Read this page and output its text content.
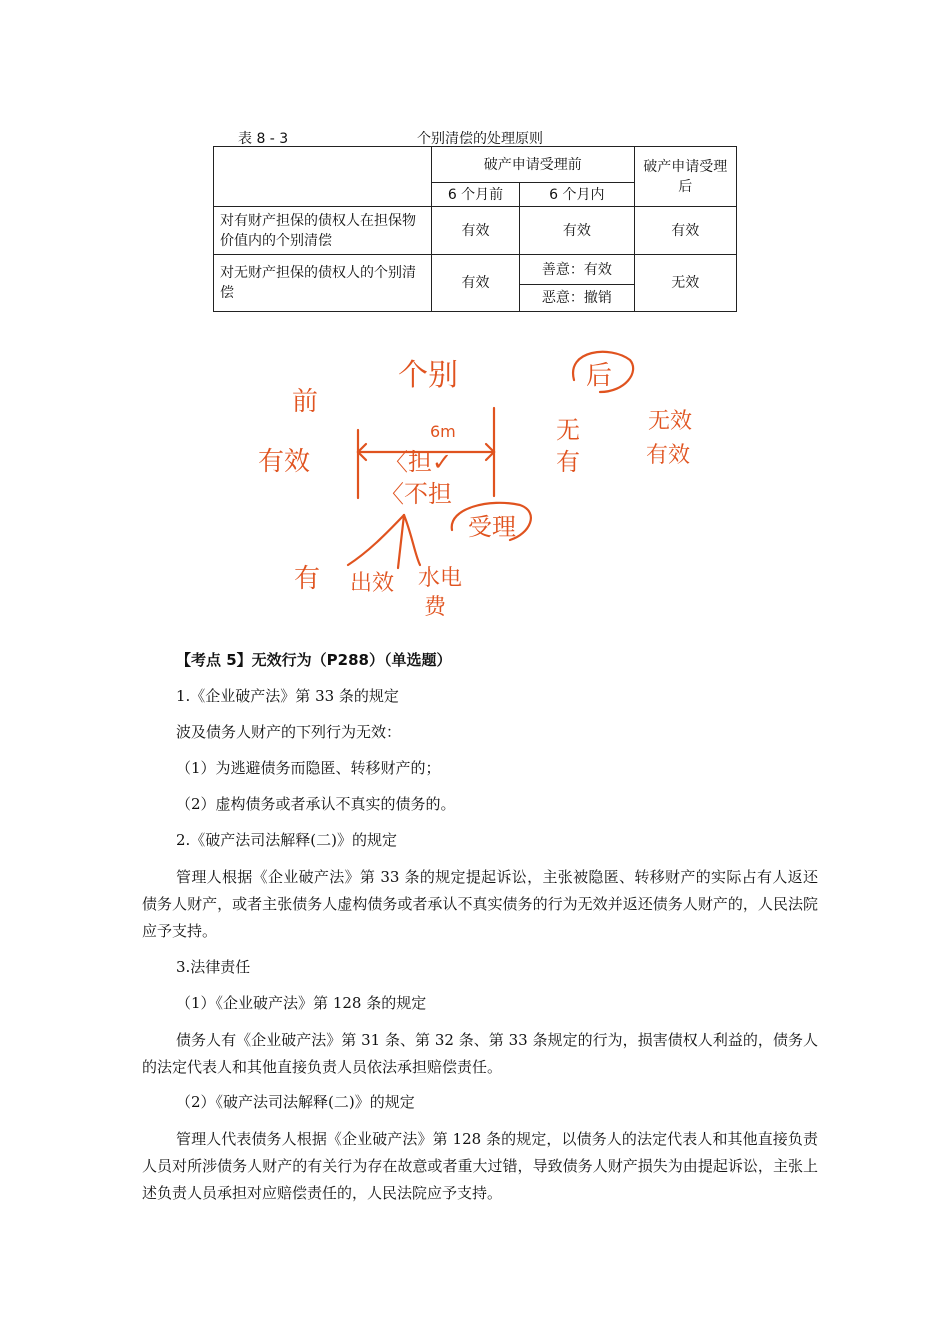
表 8 - 3	个别清偿的处理原则
	破产申请受理前		破产申请受理后
	6 个月前	6 个月内	
对有财产担保的债权人在担保物价值内的个别清偿	有效	有效	有效
对无财产担保的债权人的个别清偿	有效	善意：有效	无效
		恶意：撤销	
前
个别	后
有效
6m	无
有
无效
有效
〈担✓
〈不担
受理
有 出效 水电
费
【考点 5】无效行为（P288）（单选题）
1.《企业破产法》第 33 条的规定
波及债务人财产的下列行为无效：
（1）为逃避债务而隐匿、转移财产的；
（2）虚构债务或者承认不真实的债务的。
2.《破产法司法解释(二)》的规定
管理人根据《企业破产法》第 33 条的规定提起诉讼，主张被隐匿、转移财产的实际占有人返还债务人财产，或者主张债务人虚构债务或者承认不真实债务的行为无效并返还债务人财产的，人民法院应予支持。
3.法律责任
（1）《企业破产法》第 128 条的规定
债务人有《企业破产法》第 31 条、第 32 条、第 33 条规定的行为，损害债权人利益的，债务人的法定代表人和其他直接负责人员依法承担赔偿责任。
（2）《破产法司法解释(二)》的规定
管理人代表债务人根据《企业破产法》第 128 条的规定，以债务人的法定代表人和其他直接负责人员对所涉债务人财产的有关行为存在故意或者重大过错，导致债务人财产损失为由提起诉讼，主张上述负责人员承担对应赔偿责任的，人民法院应予支持。
